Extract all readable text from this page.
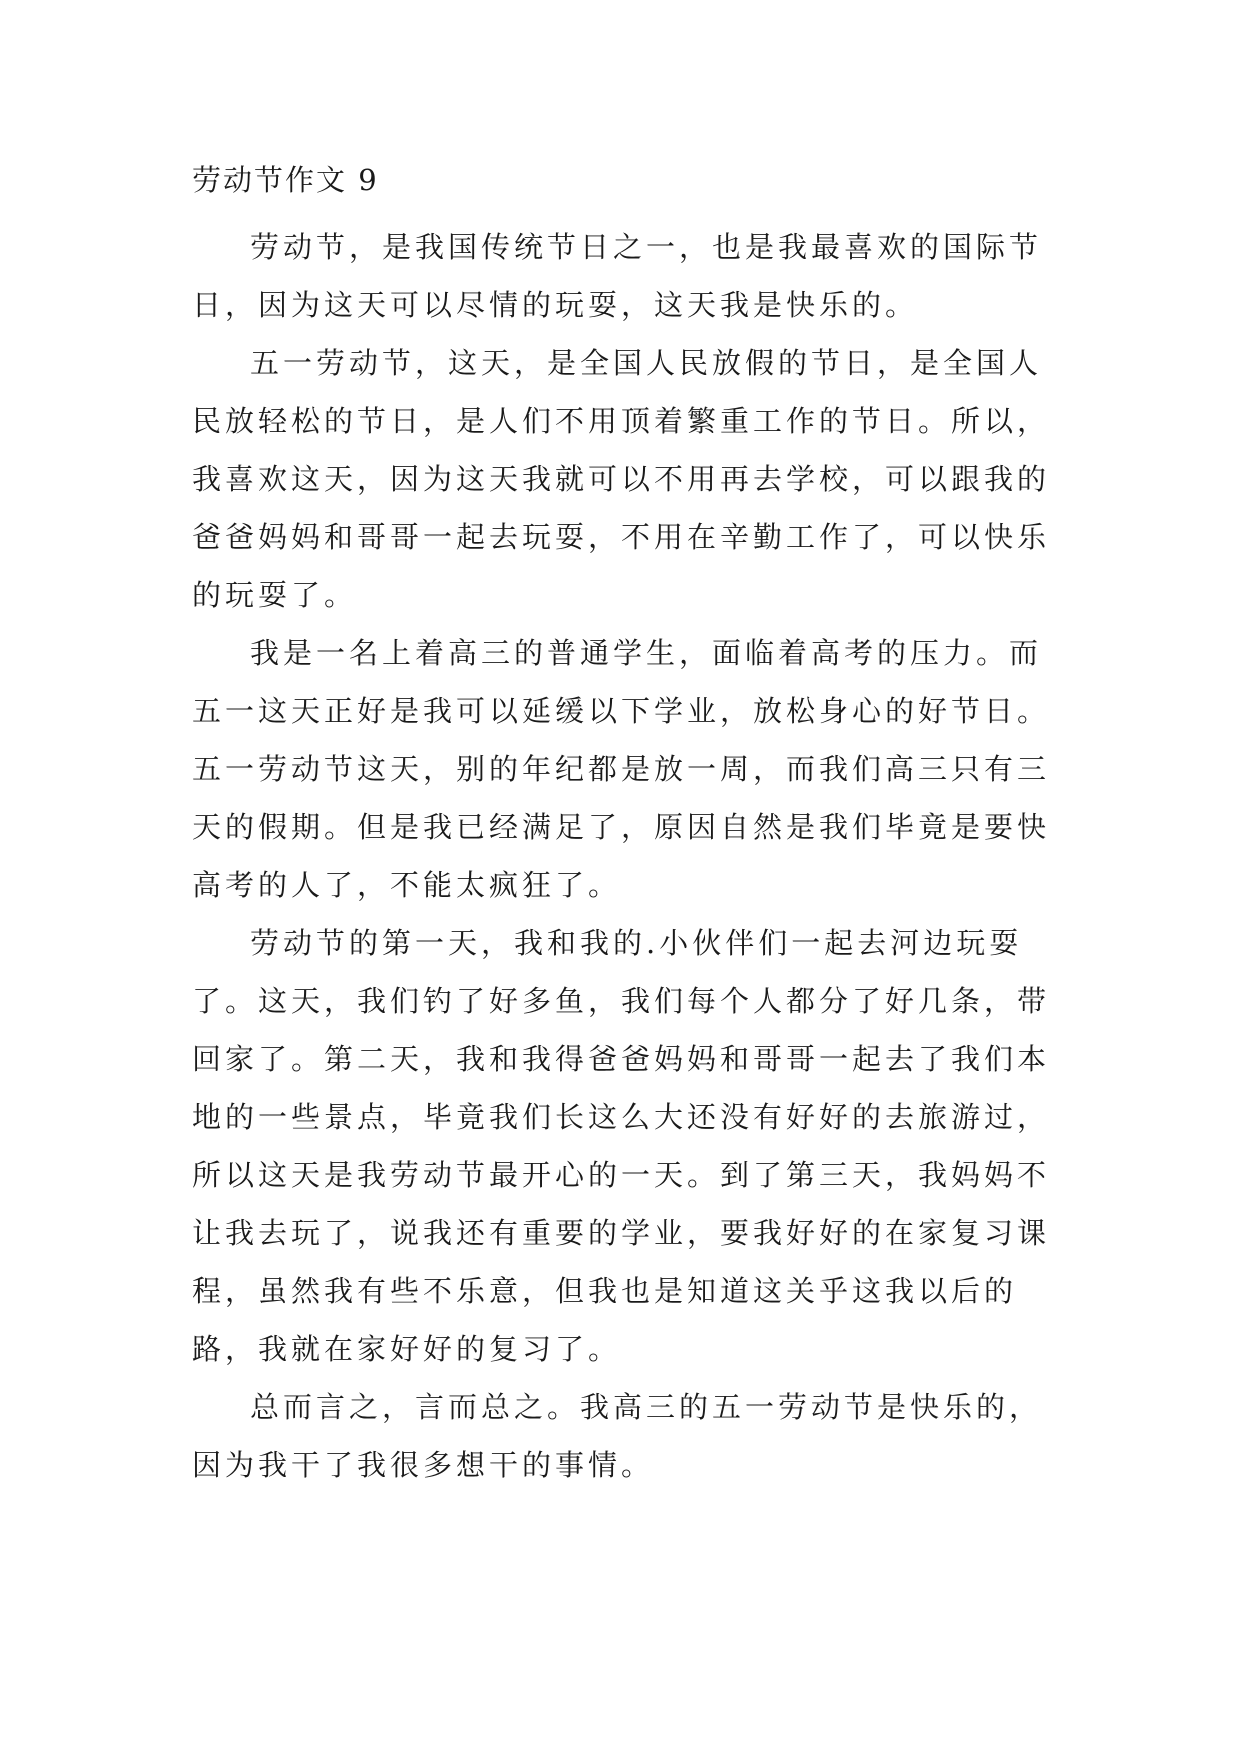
劳动节作文 9

劳动节，是我国传统节日之一，也是我最喜欢的国际节日，因为这天可以尽情的玩耍，这天我是快乐的。

五一劳动节，这天，是全国人民放假的节日，是全国人民放轻松的节日，是人们不用顶着繁重工作的节日。所以，我喜欢这天，因为这天我就可以不用再去学校，可以跟我的爸爸妈妈和哥哥一起去玩耍，不用在辛勤工作了，可以快乐的玩耍了。

我是一名上着高三的普通学生，面临着高考的压力。而五一这天正好是我可以延缓以下学业，放松身心的好节日。五一劳动节这天，别的年纪都是放一周，而我们高三只有三天的假期。但是我已经满足了，原因自然是我们毕竟是要快高考的人了，不能太疯狂了。

劳动节的第一天，我和我的.小伙伴们一起去河边玩耍了。这天，我们钓了好多鱼，我们每个人都分了好几条，带回家了。第二天，我和我得爸爸妈妈和哥哥一起去了我们本地的一些景点，毕竟我们长这么大还没有好好的去旅游过，所以这天是我劳动节最开心的一天。到了第三天，我妈妈不让我去玩了，说我还有重要的学业，要我好好的在家复习课程，虽然我有些不乐意，但我也是知道这关乎这我以后的路，我就在家好好的复习了。

总而言之，言而总之。我高三的五一劳动节是快乐的，因为我干了我很多想干的事情。
